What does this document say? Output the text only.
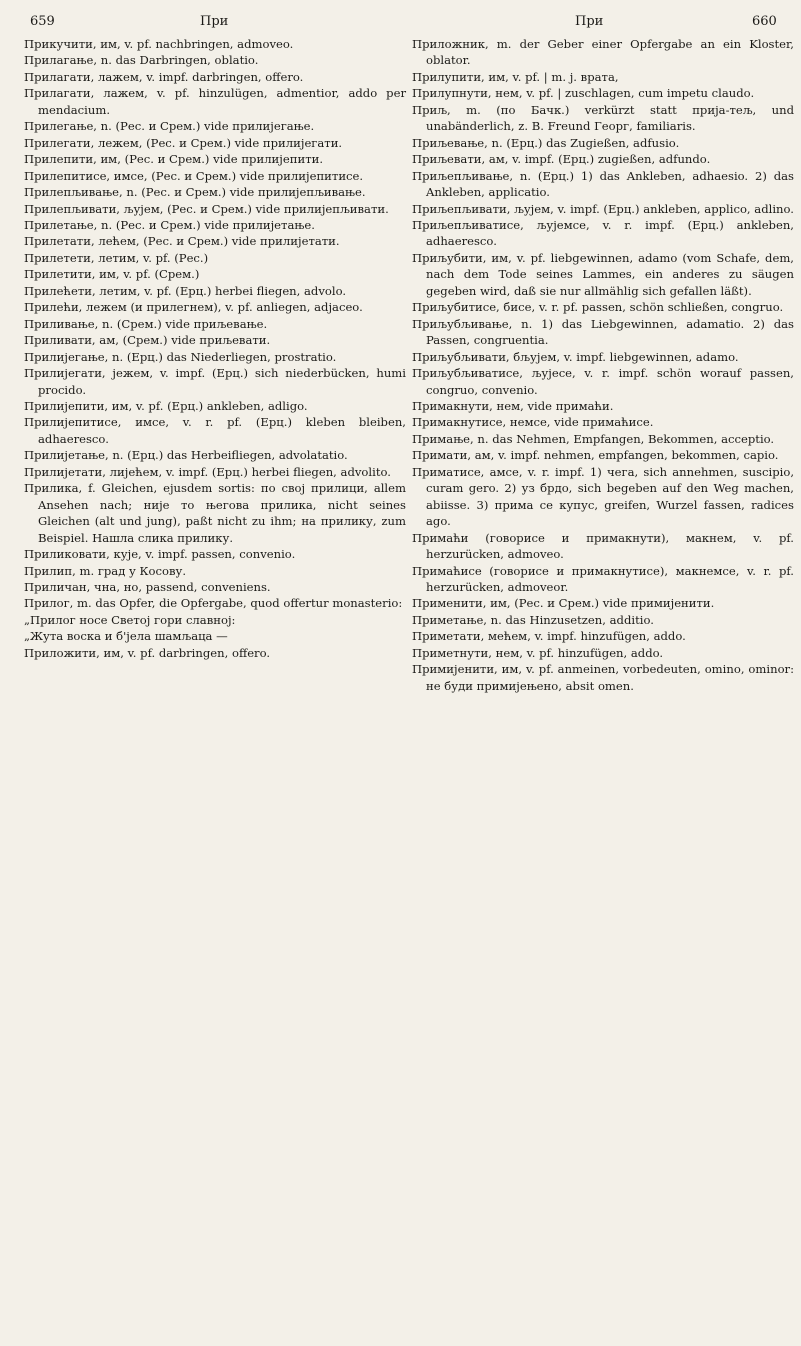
659	При	При	660

Прикучити, им, v. pf. nachbringen, admoveo.

Прилагање, n. das Darbringen, oblatio.

Прилагати, лажем, v. impf. darbringen, offero.

Прилагати, лажем, v. pf. hinzulügen, admentior, addo per mendacium.

Прилегање, n. (Рес. и Срем.) vide прилијегање.

Прилегати, лежем, (Рес. и Срем.) vide прилијегати.

Прилепити, им, (Рес. и Срем.) vide прилијепити.

Прилепитисе, имсе, (Рес. и Срем.) vide прилијепитисе.

Прилепљивање, n. (Рес. и Срем.) vide прилијепљивање.

Прилепљивати, љујем, (Рес. и Срем.) vide прилијепљивати.

Прилетање, n. (Рес. и Срем.) vide прилијетање.

Прилетати, лећем, (Рес. и Срем.) vide прилијетати.

Прилетети, летим, v. pf. (Рес.)

Прилетити, им, v. pf. (Срем.)

Прилећети, летим, v. pf. (Ерц.) herbei fliegen, advolo.

Прилећи, лежем (и прилегнем), v. pf. anliegen, adjaceo.

Приливање, n. (Срем.) vide приљевање.

Приливати, ам, (Срем.) vide приљевати.

Прилијегање, n. (Ерц.) das Niederliegen, prostratio.

Прилијегати, јежем, v. impf. (Ерц.) sich niederbücken, humi procido.

Прилијепити, им, v. pf. (Ерц.) ankleben, adligo.

Прилијепитисе, имсе, v. r. pf. (Ерц.) kleben bleiben, adhaeresco.

Прилијетање, n. (Ерц.) das Herbeifliegen, advolatatio.

Прилијетати, лијећем, v. impf. (Ерц.) herbei fliegen, advolito.

Прилика, f. Gleichen, ejusdem sortis: по свој прилици, allem Ansehen nach; није то његова прилика, nicht seines Gleichen (alt und jung), paßt nicht zu ihm; на прилику, zum Beispiel. Нашла слика прилику.

Приликовати, кује, v. impf. passen, convenio.

Прилип, m. град у Косову.

Приличан, чна, но, passend, conveniens.

Прилог, m. das Opfer, die Opfergabe, quod offertur monasterio:

„Прилог носе Светој гори славној:

„Жута воска и б'јела шамљаца —

Приложити, им, v. pf. darbringen, offero.

Приложник, m. der Geber einer Opfergabe an ein Kloster, oblator.

Прилупити, им, v. pf. | m. j. врата,

Прилупнути, нем, v. pf. | zuschlagen, cum impetu claudo.

Приљ, m. (по Бачк.) verkürzt statt прија-тељ, und unabänderlich, z. B. Freund Георг, familiaris.

Приљевање, n. (Ерц.) das Zugießen, adfusio.

Приљевати, ам, v. impf. (Ерц.) zugießen, adfundo.

Приљепљивање, n. (Ерц.) 1) das Ankleben, adhaesio. 2) das Ankleben, applicatio.

Приљепљивати, љујем, v. impf. (Ерц.) ankleben, applico, adlino.

Приљепљиватисе, љујемсе, v. r. impf. (Ерц.) ankleben, adhaeresco.

Приљубити, им, v. pf. liebgewinnen, adamo (vom Schafe, dem, nach dem Tode seines Lammes, ein anderes zu säugen gegeben wird, daß sie nur allmählig sich gefallen läßt).

Приљубитисе, бисе, v. r. pf. passen, schön schließen, congruo.

Приљубљивање, n. 1) das Liebgewinnen, adamatio. 2) das Passen, congruentia.

Приљубљивати, бљујем, v. impf. liebgewinnen, adamo.

Приљубљиватисе, љујесе, v. r. impf. schön worauf passen, congruo, convenio.

Примакнути, нем, vide примаћи.

Примакнутисе, немсе, vide примаћисе.

Примање, n. das Nehmen, Empfangen, Bekommen, acceptio.

Примати, ам, v. impf. nehmen, empfangen, bekommen, capio.

Приматисе, амсе, v. r. impf. 1) чега, sich annehmen, suscipio, curam gero. 2) уз брдо, sich begeben auf den Weg machen, abiisse. 3) прима се купус, greifen, Wurzel fassen, radices ago.

Примаћи (говорисе и примакнути), макнем, v. pf. herzurücken, admoveo.

Примаћисе (говорисе и примакнутисе), макнемсе, v. r. pf. herzurücken, admoveor.

Применити, им, (Рес. и Срем.) vide примијенити.

Приметање, n. das Hinzusetzen, additio.

Приметати, мећем, v. impf. hinzufügen, addo.

Приметнути, нем, v. pf. hinzufügen, addo.

Примијенити, им, v. pf. anmeinen, vorbedeuten, omino, ominor: не буди примијењено, absit omen.
